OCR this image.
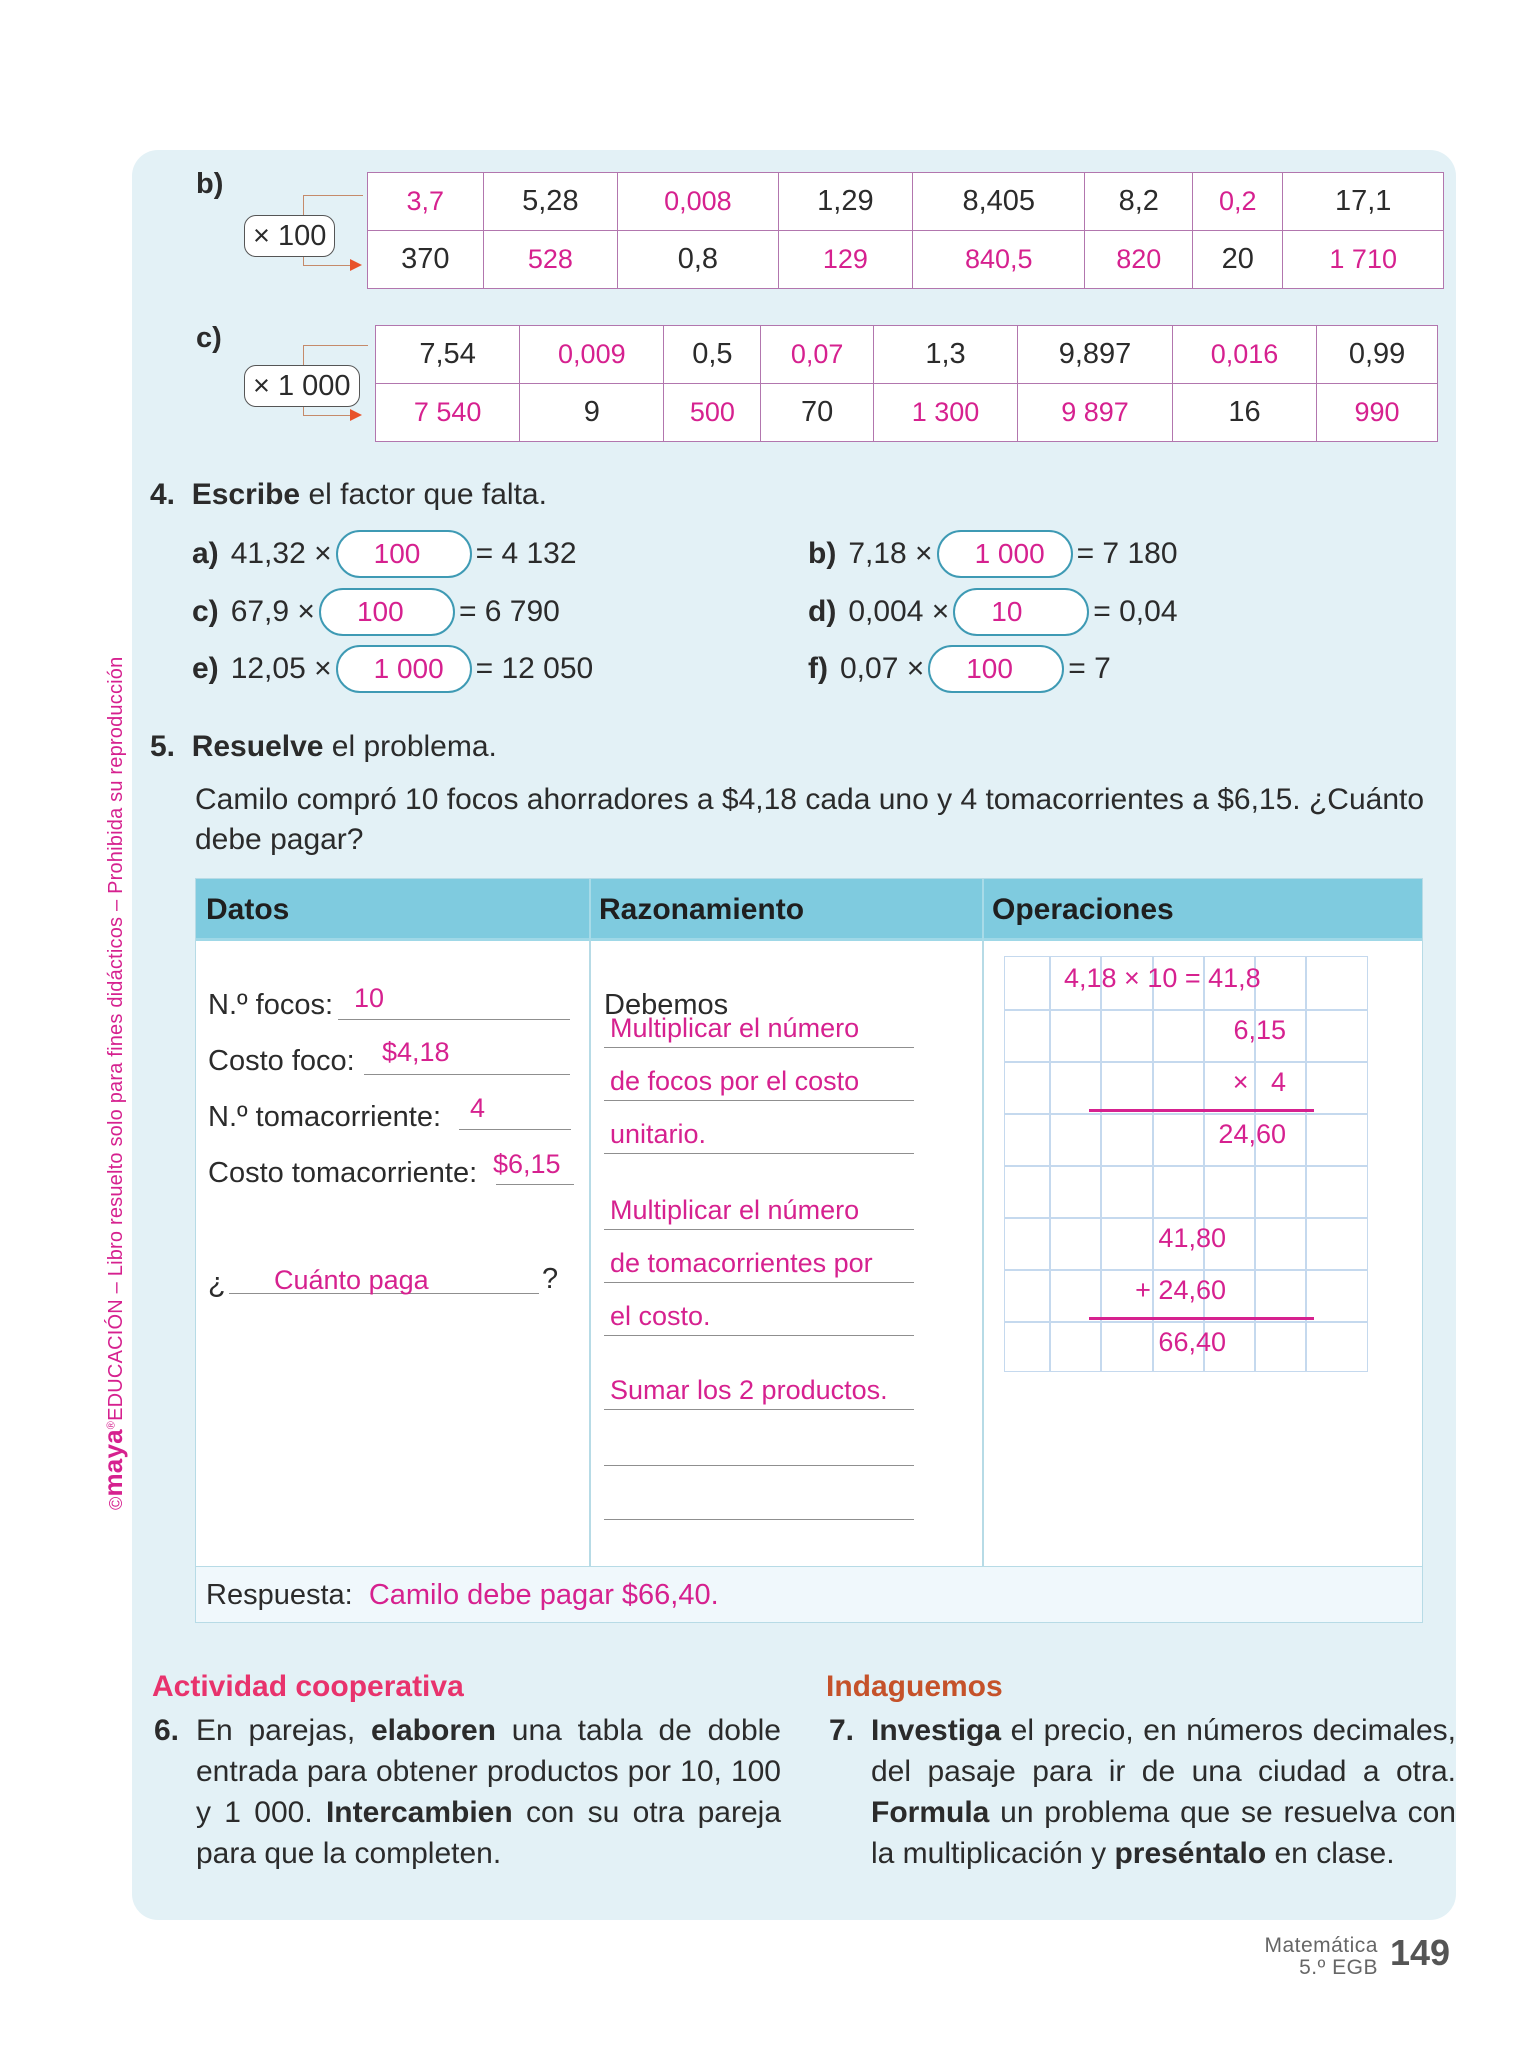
©maya®EDUCACIÓN – Libro resuelto solo para fines didácticos – Prohibida su reproducción
b)
× 100
3,7	5,28	0,008	1,29	8,405	8,2	0,2	17,1
370	528	0,8	129	840,5	820	20	1 710
c)
× 1 000
7,54	0,009	0,5	0,07	1,3	9,897	0,016	0,99
7 540	9	500	70	1 300	9 897	16	990
4. Escribe el factor que falta.
a) 41,32 ×	100	= 4 132	b) 7,18 ×	1 000	= 7 180
c) 67,9 ×	100	= 6 790	d) 0,004 ×	10	= 0,04
e) 12,05 ×	1 000	= 12 050	f) 0,07 ×	100	= 7
5. Resuelve el problema.
Camilo compró 10 focos ahorradores a $4,18 cada uno y 4 tomacorrientes a $6,15. ¿Cuánto debe pagar?
Datos	Razonamiento	Operaciones
N.º focos: 10
Costo foco: $4,18
N.º tomacorriente: 4
Costo tomacorriente: $6,15
¿ Cuánto paga	?
Debemos
Multiplicar el número
de focos por el costo
unitario.
Multiplicar el número
de tomacorrientes por
el costo.
Sumar los 2 productos.
4,18 × 10 = 41,8
6,15
×   4
24,60
41,80
+ 24,60
66,40
Respuesta: Camilo debe pagar $66,40.
Actividad cooperativa
6. En parejas, elaboren una tabla de doble entrada para obtener productos por 10, 100 y 1 000. Intercambien con su otra pareja para que la completen.
Indaguemos
7. Investiga el precio, en números decimales, del pasaje para ir de una ciudad a otra. Formula un problema que se resuelva con la multiplicación y preséntalo en clase.
Matemática
5.º EGB 149
